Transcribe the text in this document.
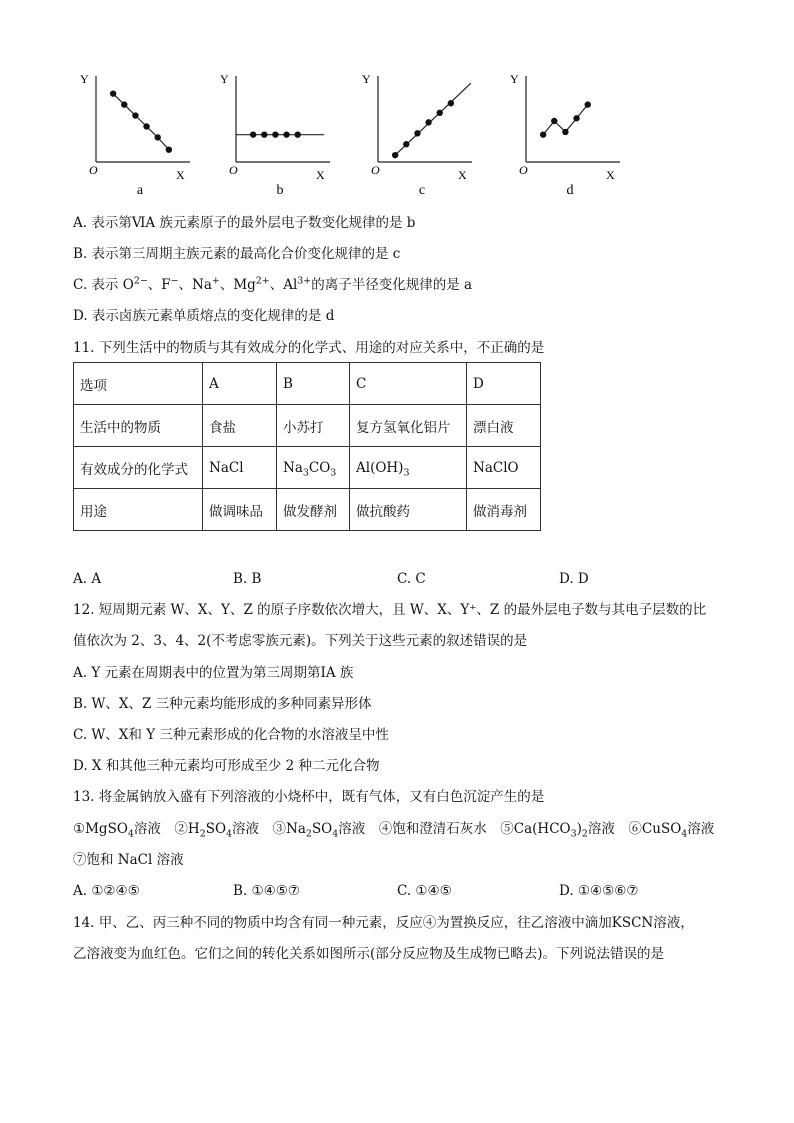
Y
X
O
a
Y
X
O
b
Y
X
O
c
Y
X
O
d
A. 表示第ⅥA 族元素原子的最外层电子数变化规律的是 b
B. 表示第三周期主族元素的最高化合价变化规律的是 c
C. 表示 $O^{2-}$、F−、Na+、$Mg^{2+}$、$Al^{3+}$的离子半径变化规律的是 a
D. 表示卤族元素单质熔点的变化规律的是 d
11. 下列生活中的物质与其有效成分的化学式、用途的对应关系中，不正确的是
选项	A	B	C	D
生活中的物质	食盐	小苏打	复方氢氧化铝片	漂白液
有效成分的化学式	NaCl	$Na_3CO_3$	$Al(OH)_3$	NaClO
用途	做调味品	做发酵剂	做抗酸药	做消毒剂
A. A	B. B	C. C	D. D
12. 短周期元素 W、X、Y、Z 的原子序数依次增大，且 W、X、Y⁺、Z 的最外层电子数与其电子层数的比
值依次为 2、3、4、2(不考虑零族元素)。下列关于这些元素的叙述错误的是
A. Y 元素在周期表中的位置为第三周期第ⅠA 族
B. W、X、Z 三种元素均能形成的多种同素异形体
C. W、X和 Y 三种元素形成的化合物的水溶液呈中性
D. X 和其他三种元素均可形成至少 2 种二元化合物
13. 将金属钠放入盛有下列溶液的小烧杯中，既有气体，又有白色沉淀产生的是
①MgSO$_4$溶液　$②H_2SO_4$溶液　$③Na_2SO_4$溶液　④饱和澄清石灰水　$⑤Ca(HCO_3)_2$溶液　⑥CuSO$_4$溶液
⑦饱和 NaCl 溶液
A. ①②④⑤	B. ①④⑤⑦	C. ①④⑤	D. ①④⑤⑥⑦
14. 甲、乙、丙三种不同的物质中均含有同一种元素，反应④为置换反应，往乙溶液中滴加KSCN溶液，
乙溶液变为血红色。它们之间的转化关系如图所示(部分反应物及生成物已略去)。下列说法错误的是
